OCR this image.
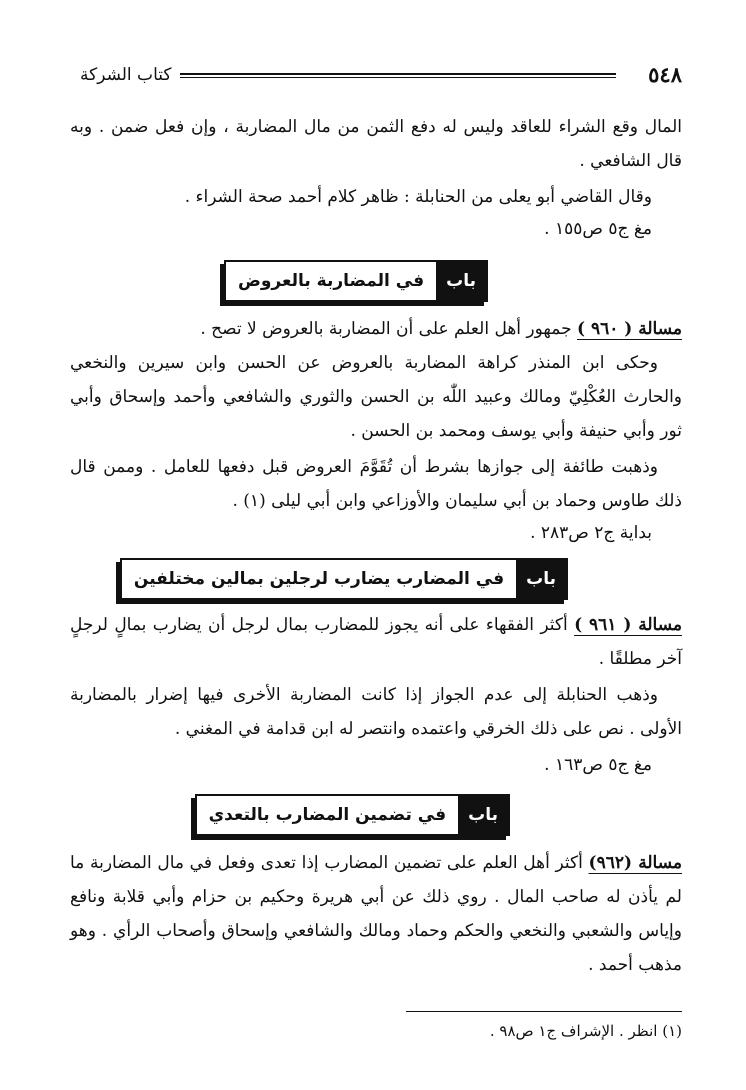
٥٤٨
كتاب الشركة
المال وقع الشراء للعاقد وليس له دفع الثمن من مال المضاربة ، وإن فعل ضمن . وبه قال الشافعي .
وقال القاضي أبو يعلى من الحنابلة : ظاهر كلام أحمد صحة الشراء .
مغ ج٥ ص١٥٥ .
باب
في المضاربة بالعروض
مسالة ( ٩٦٠ ) جمهور أهل العلم على أن المضاربة بالعروض لا تصح .
وحكى ابن المنذر كراهة المضاربة بالعروض عن الحسن وابن سيرين والنخعي والحارث العُكْلِيّ ومالك وعبيد اللّٰه بن الحسن والثوري والشافعي وأحمد وإسحاق وأبي ثور وأبي حنيفة وأبي يوسف ومحمد بن الحسن .
وذهبت طائفة إلى جوازها بشرط أن تُقَوَّمَ العروض قبل دفعها للعامل . وممن قال ذلك طاوس وحماد بن أبي سليمان والأوزاعي وابن أبي ليلى (١) .
بداية ج٢ ص٢٨٣ .
باب
في المضارب يضارب لرجلين بمالين مختلفين
مسالة ( ٩٦١ ) أكثر الفقهاء على أنه يجوز للمضارب بمال لرجل أن يضارب بمالٍ لرجلٍ آخر مطلقًا .
وذهب الحنابلة إلى عدم الجواز إذا كانت المضاربة الأخرى فيها إضرار بالمضاربة الأولى . نص على ذلك الخرقي واعتمده وانتصر له ابن قدامة في المغني .
مغ ج٥ ص١٦٣ .
باب
في تضمين المضارب بالتعدي
مسالة (٩٦٢) أكثر أهل العلم على تضمين المضارب إذا تعدى وفعل في مال المضاربة ما لم يأذن له صاحب المال . روي ذلك عن أبي هريرة وحكيم بن حزام وأبي قلابة ونافع وإياس والشعبي والنخعي والحكم وحماد ومالك والشافعي وإسحاق وأصحاب الرأي . وهو مذهب أحمد .
(١) انظر . الإشراف ج١ ص٩٨ .
